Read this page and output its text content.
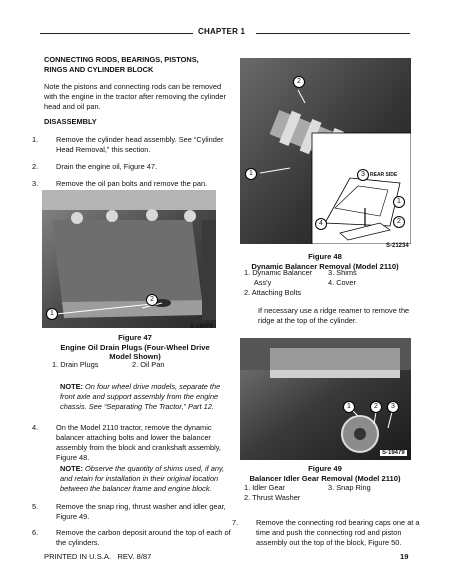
CHAPTER 1

CONNECTING RODS, BEARINGS, PISTONS,

RINGS AND CYLINDER BLOCK

Note the pistons and connecting rods can be removed with the engine in the tractor after removing the cylinder head and oil pan.

DISASSEMBLY

1. Remove the cylinder head assembly. See “Cylinder Head Removal,” this section.

2. Drain the engine oil, Figure 47.

3. Remove the oil pan bolts and remove the pan.

1
2
S-19474
Figure 47
Engine Oil Drain Plugs (Four-Wheel Drive
Model Shown)
1. Drain Plugs	2. Oil Pan
NOTE: On four wheel drive models, separate the front axle and support assembly from the engine chassis. See “Separating The Tractor,” Part 12.
4. On the Model 2110 tractor, remove the dynamic balancer attaching bolts and lower the balancer assembly from the block and crankshaft assembly, Figure 48.
NOTE: Observe the quantity of shims used, if any, and retain for installation in their original location between the balancer frame and engine block.
5. Remove the snap ring, thrust washer and idler gear, Figure 49.
6. Remove the carbon deposit around the top of each of the cylinders.
2
1	3	REAR SIDE
1
4	2
S-21234
Figure 48
Dynamic Balancer Removal (Model 2110)
1. Dynamic Balancer
Ass'y
2. Attaching Bolts
3. Shims
4. Cover
If necessary use a ridge reamer to remove the ridge at the top of the cylinder.
1	2	3
S-19479
Figure 49
Balancer Idler Gear Removal (Model 2110)
1. Idler Gear
2. Thrust Washer
3. Snap Ring
7. Remove the connecting rod bearing caps one at a time and push the connecting rod and piston assembly out the top of the block, Figure 50.
PRINTED IN U.S.A.   REV. 8/87	19
